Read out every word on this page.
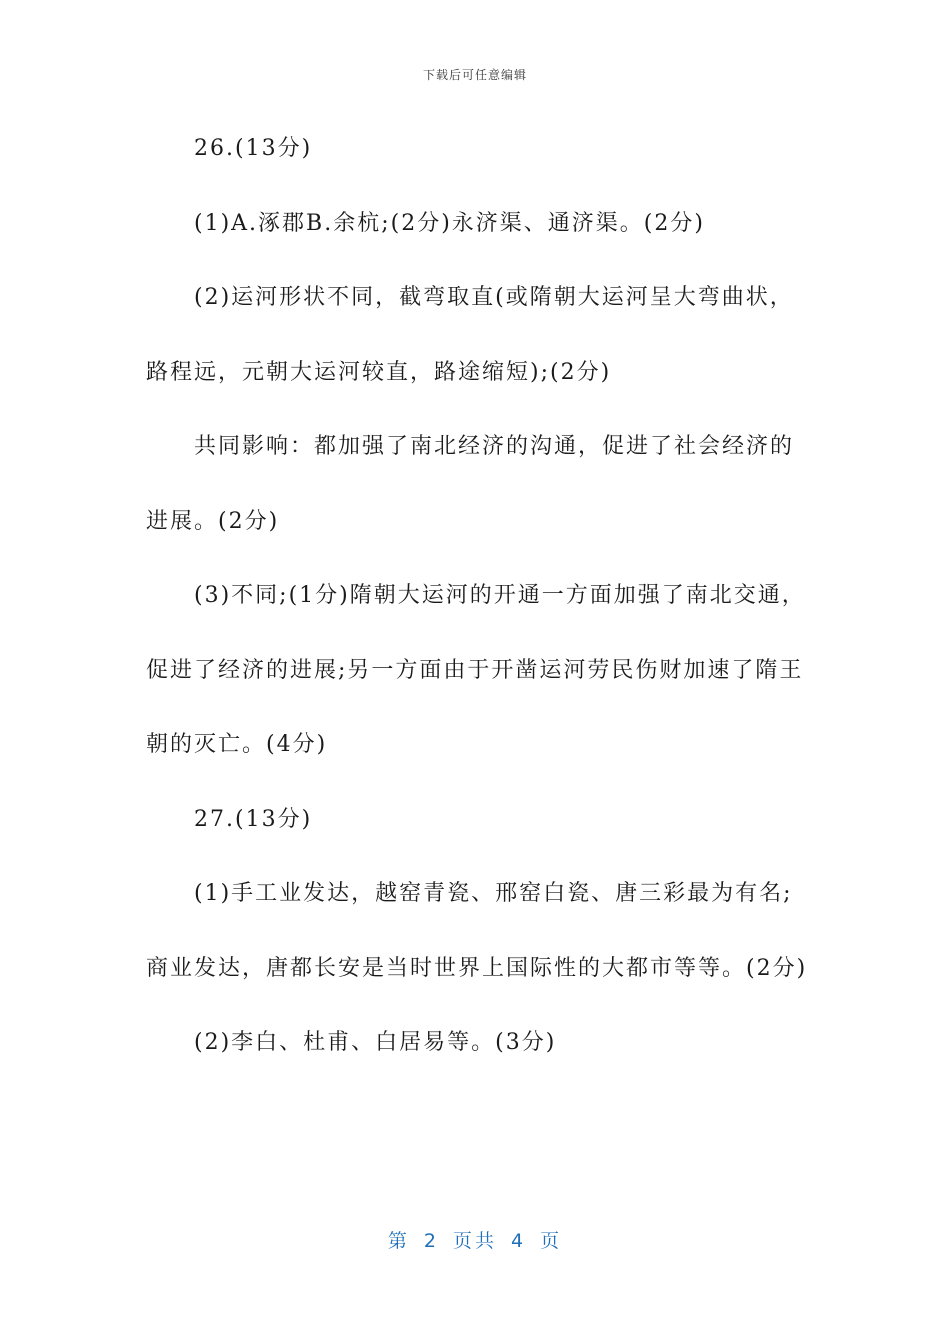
下载后可任意编辑

26.(13分)

(1)A.涿郡B.余杭;(2分)永济渠、通济渠。(2分)

(2)运河形状不同，截弯取直(或隋朝大运河呈大弯曲状，路程远，元朝大运河较直，路途缩短);(2分)

共同影响：都加强了南北经济的沟通，促进了社会经济的进展。(2分)

(3)不同;(1分)隋朝大运河的开通一方面加强了南北交通，促进了经济的进展;另一方面由于开凿运河劳民伤财加速了隋王朝的灭亡。(4分)

27.(13分)

(1)手工业发达，越窑青瓷、邢窑白瓷、唐三彩最为有名;商业发达，唐都长安是当时世界上国际性的大都市等等。(2分)

(2)李白、杜甫、白居易等。(3分)

第 2 页共 4 页
